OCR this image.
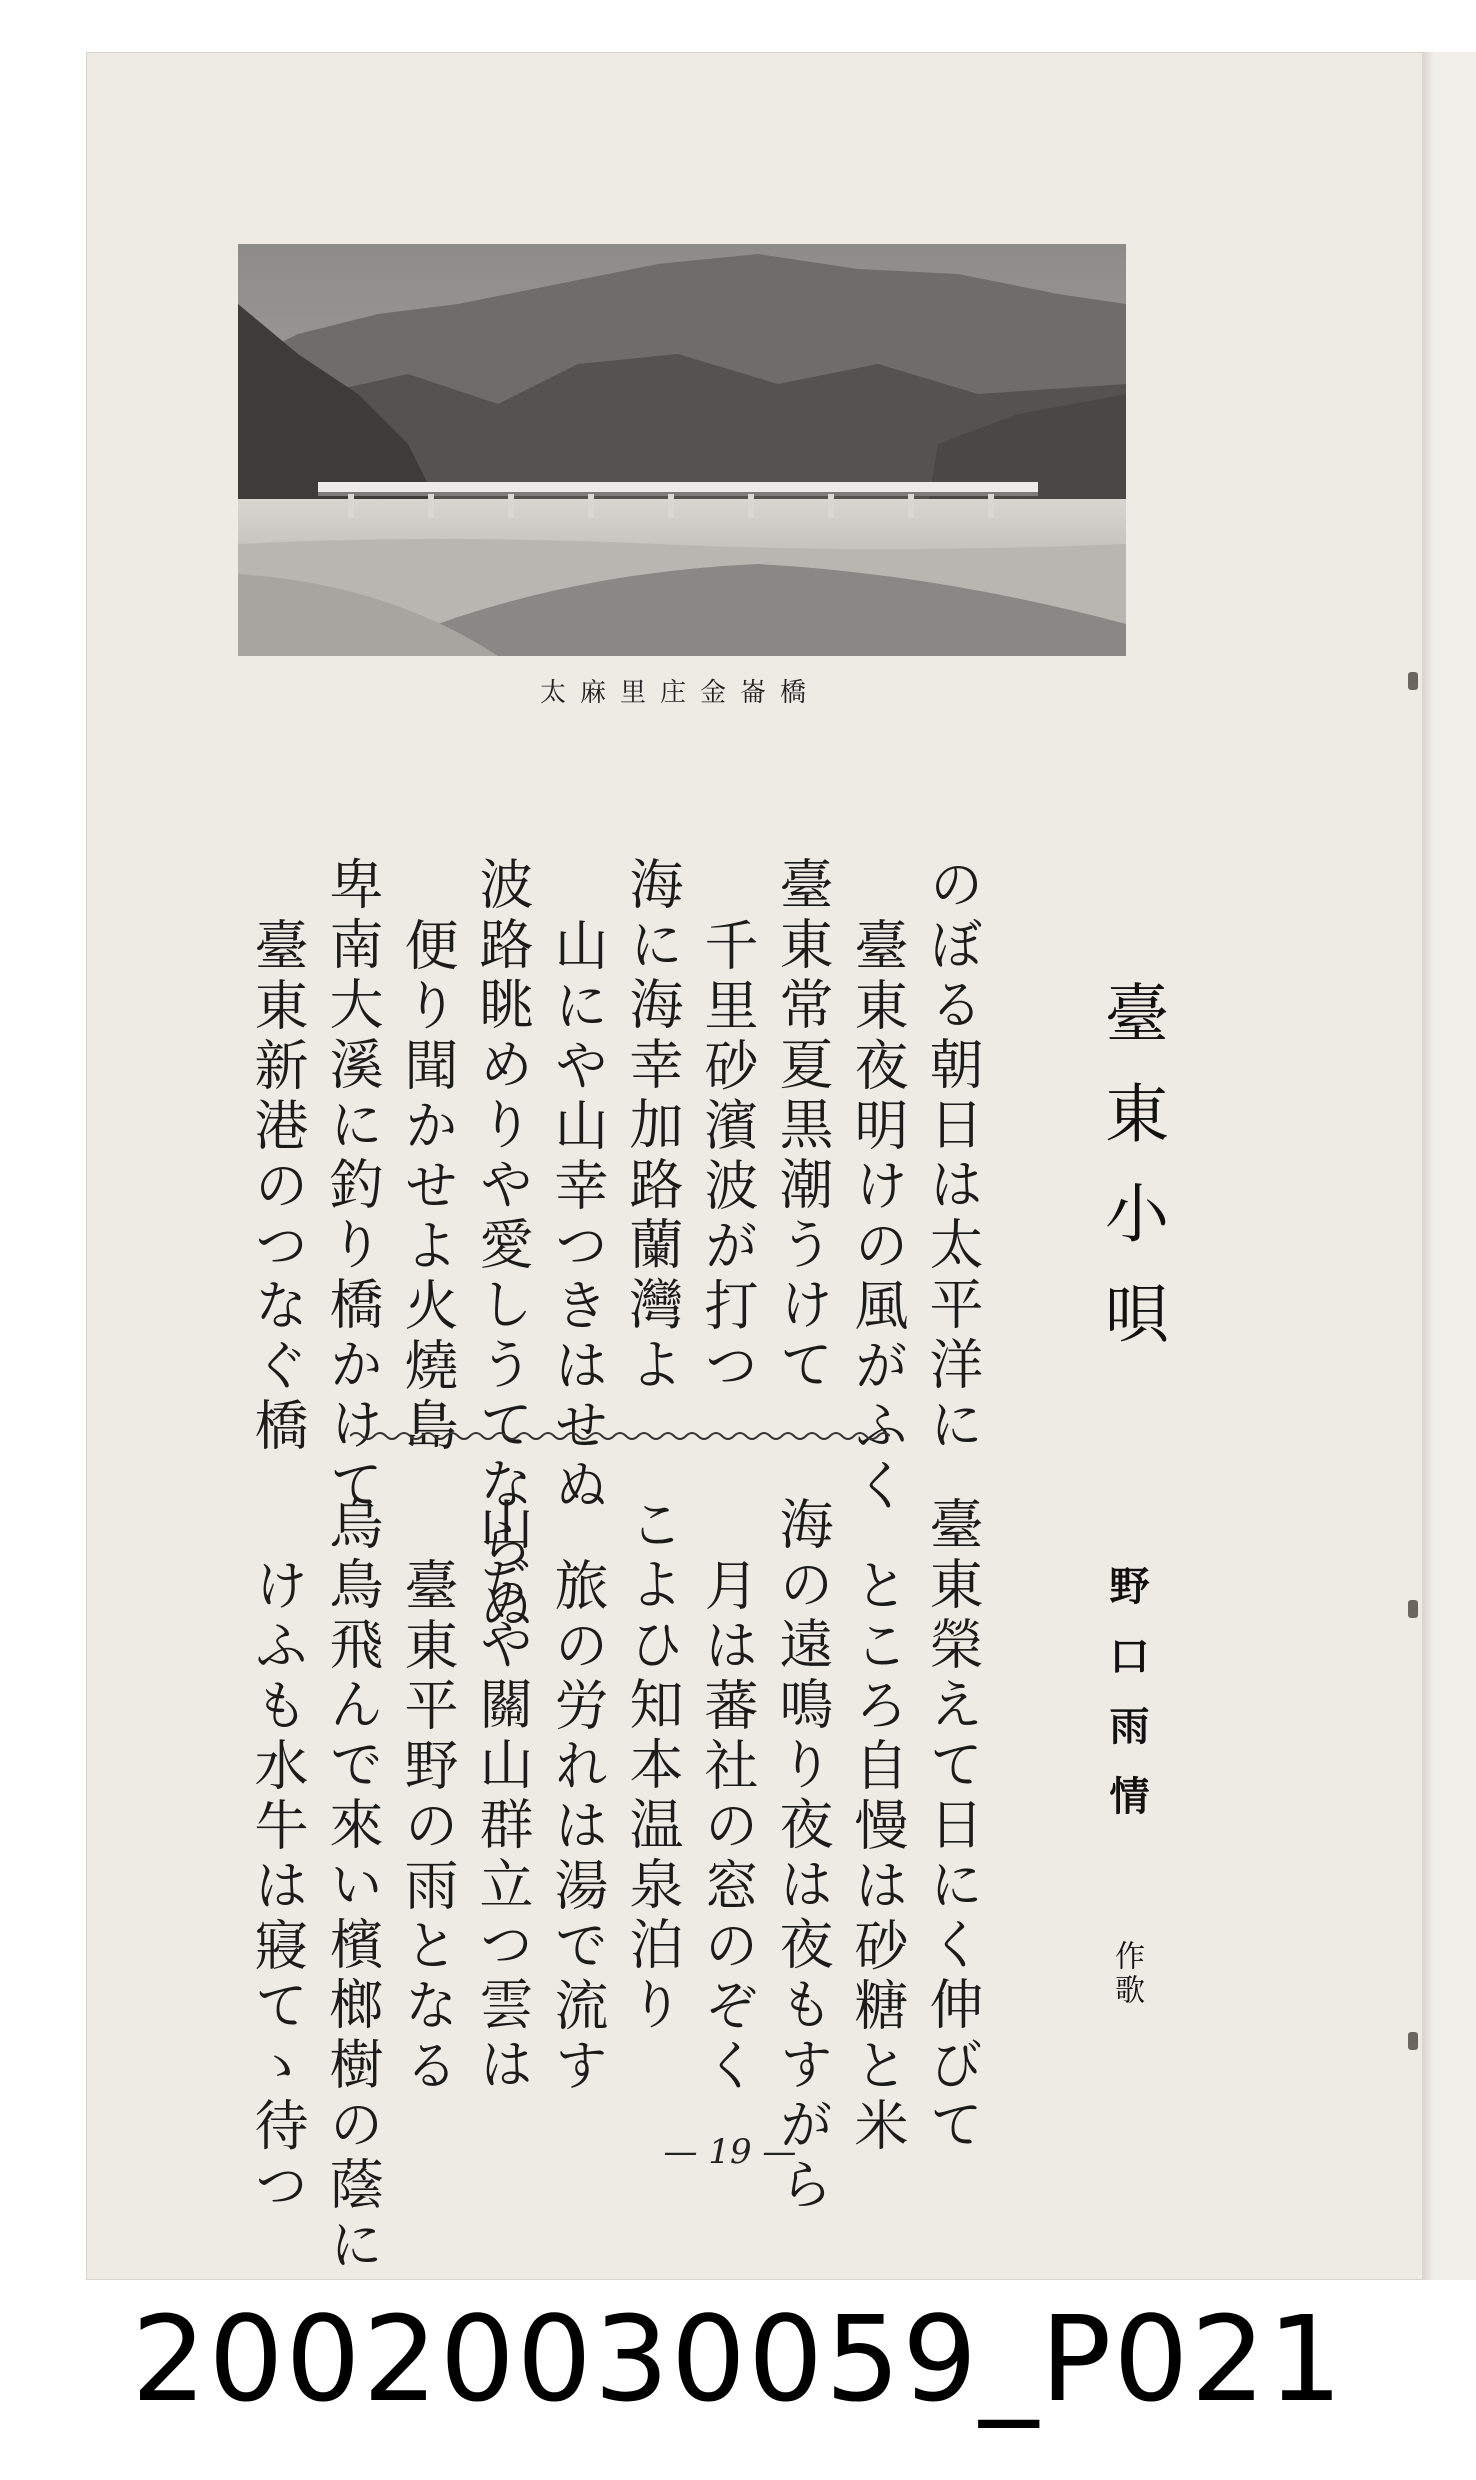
太麻里庄金崙橋
臺東小唄
野口雨情
作歌
のぼる朝日は太平洋に
臺東夜明けの風がふく
臺東常夏黒潮うけて
千里砂濱波が打つ
海に海幸加路蘭灣よ
山にや山幸つきはせぬ
波路眺めりや愛しうてならぬ
便り聞かせよ火燒島
卑南大溪に釣り橋かけて
臺東新港のつなぐ橋
臺東榮えて日にく伸びて
ところ自慢は砂糖と米
海の遠鳴り夜は夜もすがら
月は蕃社の窓のぞく
こよひ知本温泉泊り
旅の労れは湯で流す
山ぢや關山群立つ雲は
臺東平野の雨となる
烏鳥飛んで來い檳榔樹の蔭に
けふも水牛は寢てゝ待つ	— 19 —
20020030059_P021
